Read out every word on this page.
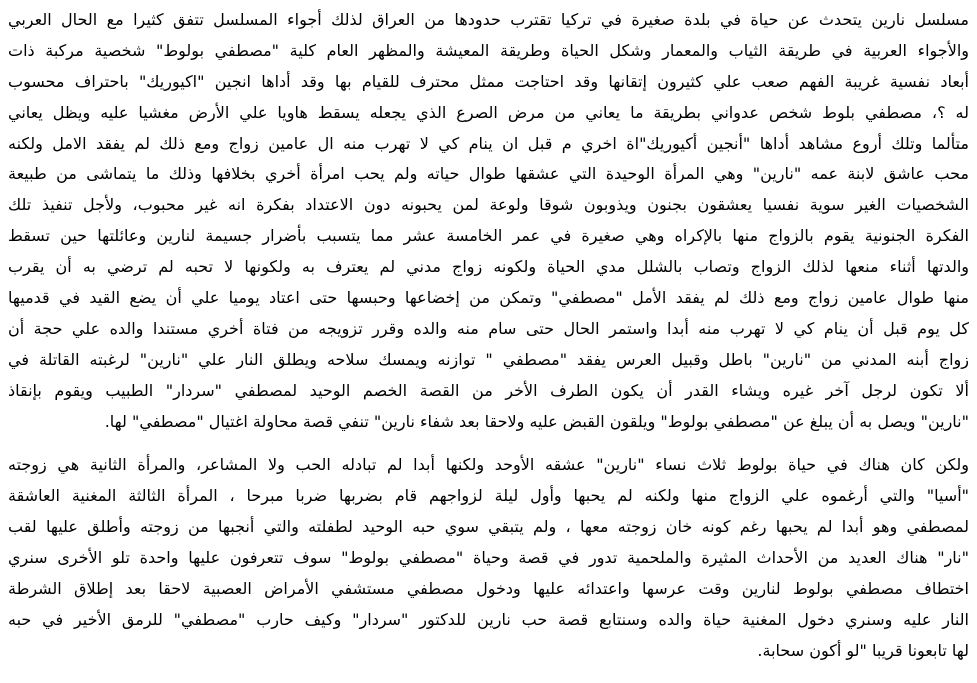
مسلسل نارين يتحدث عن حياة في بلدة صغيرة في تركيا تقترب حدودها من العراق لذلك أجواء المسلسل تتفق كثيرا مع الحال العربي
والأجواء العربية في طريقة الثياب والمعمار وشكل الحياة وطريقة المعيشة والمظهر العام كلية "مصطفي بولوط" شخصية مركبة ذات
أبعاد نفسية غريبة الفهم صعب علي كثيرون إتقانها وقد احتاجت ممثل محترف للقيام بها وقد أداها انجين "اكيوريك" باحتراف محسوب
له ؟، مصطفي بلوط شخص عدواني بطريقة ما يعاني من مرض الصرع الذي يجعله يسقط هاويا علي الأرض مغشيا عليه ويظل يعاني
متألما وتلك أروع مشاهد أداها "أنجين أكيوريك"اة اخري م قبل ان ينام كي لا تهرب منه ال عامين زواج ومع ذلك لم يفقد الامل ولكنه
محب عاشق لابنة عمه "نارين" وهي المرأة الوحيدة التي عشقها طوال حياته ولم يحب امرأة أخري بخلافها وذلك ما يتماشى من طبيعة
الشخصيات الغير سوية نفسيا يعشقون بجنون ويذوبون شوقا ولوعة لمن يحبونه دون الاعتداد بفكرة انه غير محبوب، ولأجل تنفيذ تلك
الفكرة الجنونية يقوم بالزواج منها بالإكراه وهي صغيرة في عمر الخامسة عشر مما يتسبب بأضرار جسيمة لنارين وعائلتها حين تسقط
والدتها أثناء منعها لذلك الزواج وتصاب بالشلل مدي الحياة ولكونه زواج مدني لم يعترف به ولكونها لا تحبه لم ترضي به أن يقرب
منها طوال عامين زواج ومع ذلك لم يفقد الأمل "مصطفي" وتمكن من إخضاعها وحبسها حتى اعتاد يوميا علي أن يضع القيد في قدميها
كل يوم قبل أن ينام كي لا تهرب منه أبدا واستمر الحال حتى سام منه والده وقرر تزويجه من فتاة أخري مستندا والده علي حجة أن
زواج أبنه المدني من "نارين" باطل وقبيل العرس يفقد "مصطفي " توازنه ويمسك سلاحه ويطلق النار علي "نارين" لرغبته القاتلة في
ألا تكون لرجل آخر غيره ويشاء القدر أن يكون الطرف الأخر من القصة الخصم الوحيد لمصطفي "سردار" الطبيب ويقوم بإنقاذ
"نارين" ويصل به أن يبلغ عن "مصطفي بولوط" ويلقون القبض عليه ولاحقا بعد شفاء نارين" تنفي قصة محاولة اغتيال "مصطفي" لها.
ولكن كان هناك في حياة بولوط ثلاث نساء "نارين" عشقه الأوحد ولكنها أبدا لم تبادله الحب ولا المشاعر، والمرأة الثانية هي زوجته
"أسيا" والتي أرغموه علي الزواج منها ولكنه لم يحبها وأول ليلة لزواجهم قام بضربها ضربا مبرحا ، المرأة الثالثة المغنية العاشقة
لمصطفي وهو أبدا لم يحبها رغم كونه خان زوجته معها ، ولم يتبقي سوي حبه الوحيد لطفلته والتي أنجبها من زوجته وأطلق عليها لقب
"نار" هناك العديد من الأحداث المثيرة والملحمية تدور في قصة وحياة "مصطفي بولوط" سوف تتعرفون عليها واحدة تلو الأخرى سنري
اختطاف مصطفي بولوط لنارين وقت عرسها واعتدائه عليها ودخول مصطفي مستشفي الأمراض العصبية لاحقا بعد إطلاق الشرطة
النار عليه وسنري دخول المغنية حياة والده وسنتابع قصة حب نارين للدكتور "سردار" وكيف حارب "مصطفي" للرمق الأخير في حبه
لها تابعونا قريبا "لو أكون سحابة.
